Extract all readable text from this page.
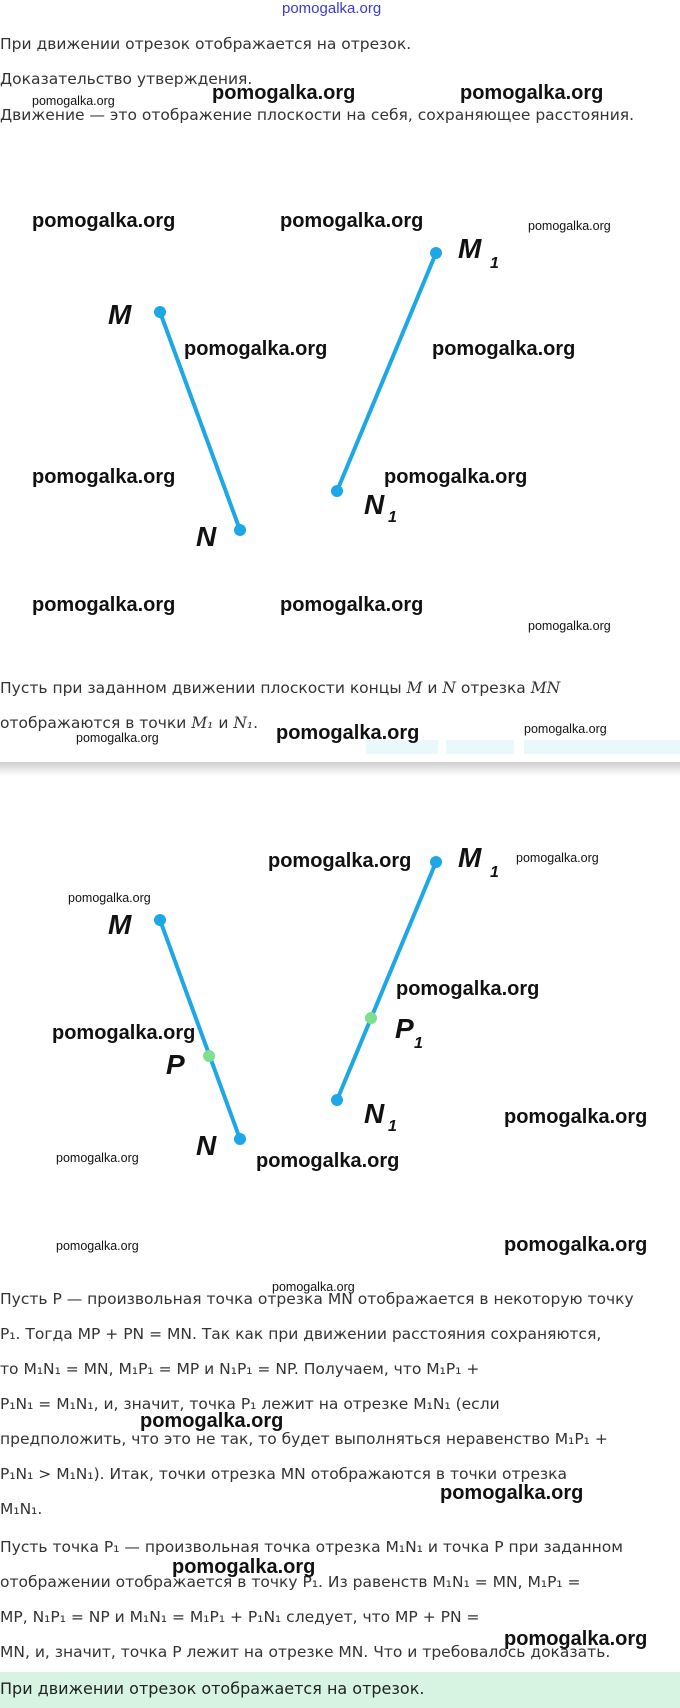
pomogalka.org
При движении отрезок отображается на отрезок.
Доказательство утверждения.
Движение — это отображение плоскости на себя, сохраняющее расстояния.
M
N
M 1
N 1
Пусть при заданном движении плоскости концы M и N отрезка MN
отображаются в точки M₁ и N₁.
M
N
P
M 1
N 1
P 1
Пусть P — произвольная точка отрезка MN отображается в некоторую точку
P₁. Тогда MP + PN = MN. Так как при движении расстояния сохраняются,
то M₁N₁ = MN, M₁P₁ = MP и N₁P₁ = NP. Получаем, что M₁P₁ +
P₁N₁ = M₁N₁, и, значит, точка P₁ лежит на отрезке M₁N₁ (если
предположить, что это не так, то будет выполняться неравенство M₁P₁ +
P₁N₁ > M₁N₁). Итак, точки отрезка MN отображаются в точки отрезка
M₁N₁.
Пусть точка P₁ — произвольная точка отрезка M₁N₁ и точка P при заданном
отображении отображается в точку P₁. Из равенств M₁N₁ = MN, M₁P₁ =
MP, N₁P₁ = NP и M₁N₁ = M₁P₁ + P₁N₁ следует, что MP + PN =
MN, и, значит, точка P лежит на отрезке MN. Что и требовалось доказать.
При движении отрезок отображается на отрезок.
pomogalka.org	pomogalka.org	pomogalka.org
pomogalka.org	pomogalka.org	pomogalka.org
pomogalka.org	pomogalka.org
pomogalka.org	pomogalka.org
pomogalka.org	pomogalka.org
pomogalka.org
pomogalka.org	pomogalka.org	pomogalka.org
pomogalka.org	pomogalka.org
pomogalka.org
pomogalka.org
pomogalka.org
pomogalka.org
pomogalka.org	pomogalka.org
pomogalka.org	pomogalka.org
pomogalka.org
pomogalka.org
pomogalka.org
pomogalka.org
pomogalka.org
